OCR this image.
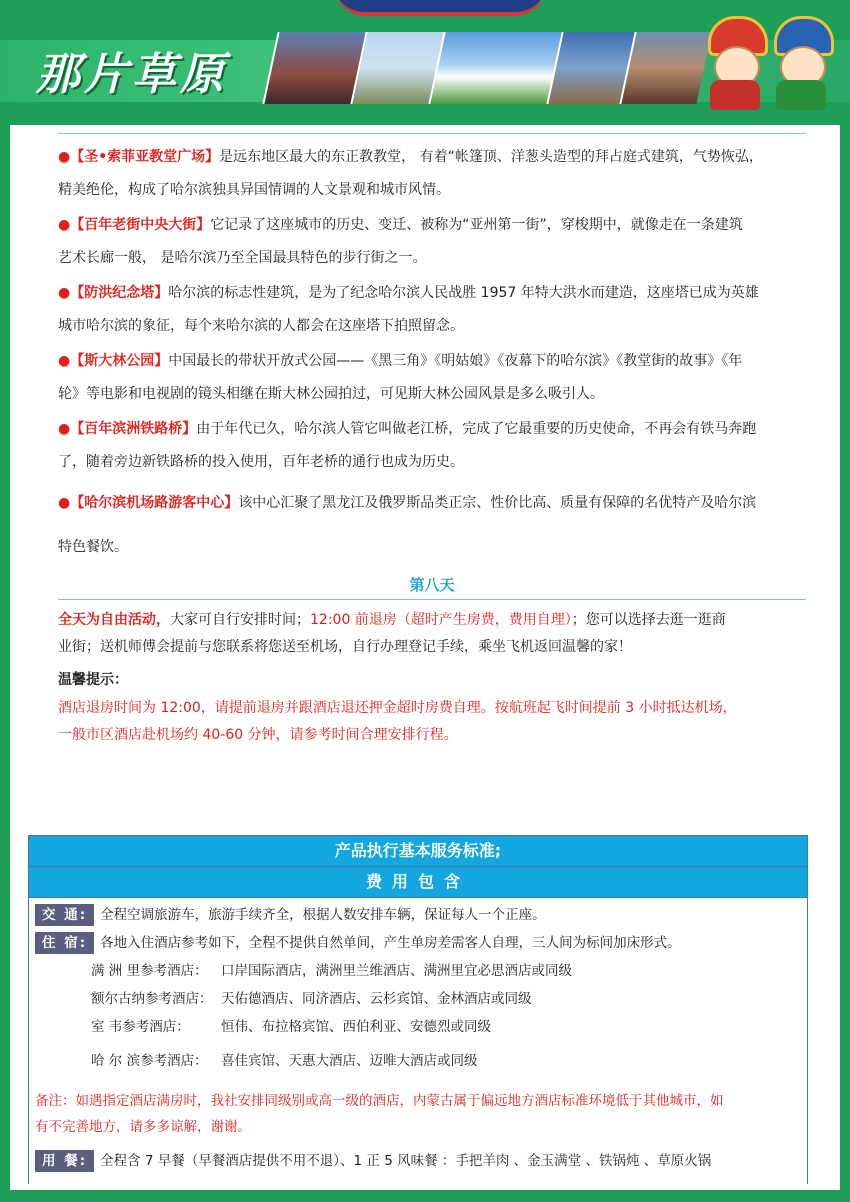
那片草原
●【圣•索菲亚教堂广场】是远东地区最大的东正教教堂， 有着“帐篷顶、洋葱头造型的拜占庭式建筑，气势恢弘，
精美绝伦，构成了哈尔滨独具异国情调的人文景观和城市风情。
●【百年老街中央大街】它记录了这座城市的历史、变迁、被称为“亚州第一街”，穿梭期中，就像走在一条建筑
艺术长廊一般， 是哈尔滨乃至全国最具特色的步行街之一。
●【防洪纪念塔】哈尔滨的标志性建筑，是为了纪念哈尔滨人民战胜 1957 年特大洪水而建造，这座塔已成为英雄
城市哈尔滨的象征，每个来哈尔滨的人都会在这座塔下拍照留念。
●【斯大林公园】中国最长的带状开放式公园——《黑三角》《明姑娘》《夜幕下的哈尔滨》《教堂街的故事》《年
轮》等电影和电视剧的镜头相继在斯大林公园拍过，可见斯大林公园风景是多么吸引人。
●【百年滨洲铁路桥】由于年代已久，哈尔滨人管它叫做老江桥，完成了它最重要的历史使命，不再会有铁马奔跑
了，随着旁边新铁路桥的投入使用，百年老桥的通行也成为历史。
●【哈尔滨机场路游客中心】该中心汇聚了黑龙江及俄罗斯品类正宗、性价比高、质量有保障的名优特产及哈尔滨
特色餐饮。
第八天
全天为自由活动，大家可自行安排时间；12:00 前退房（超时产生房费，费用自理）；您可以选择去逛一逛商
业街；送机师傅会提前与您联系将您送至机场，自行办理登记手续，乘坐飞机返回温馨的家！
温馨提示：
酒店退房时间为 12:00，请提前退房并跟酒店退还押金超时房费自理。按航班起飞时间提前 3 小时抵达机场，
一般市区酒店赴机场约 40-60 分钟，请参考时间合理安排行程。
产品执行基本服务标准;
费用包含
交 通: 全程空调旅游车，旅游手续齐全，根据人数安排车辆，保证每人一个正座。
住 宿: 各地入住酒店参考如下，全程不提供自然单间，产生单房差需客人自理，三人间为标间加床形式。
满 洲 里参考酒店： 口岸国际酒店，满洲里兰维酒店、满洲里宜必思酒店或同级
额尔古纳参考酒店： 天佑德酒店、同济酒店、云杉宾馆、金林酒店或同级
室 韦参考酒店： 恒伟、布拉格宾馆、西伯利亚、安德烈或同级
哈 尔 滨参考酒店： 喜佳宾馆、天惠大酒店、迈唯大酒店或同级
备注：如遇指定酒店满房时，我社安排同级别或高一级的酒店，内蒙古属于偏远地方酒店标准环境低于其他城市，如
有不完善地方，请多多谅解，谢谢。
用 餐: 全程含 7 早餐（早餐酒店提供不用不退）、1 正 5 风味餐 ：手把羊肉 、金玉满堂 、铁锅炖 、草原火锅
